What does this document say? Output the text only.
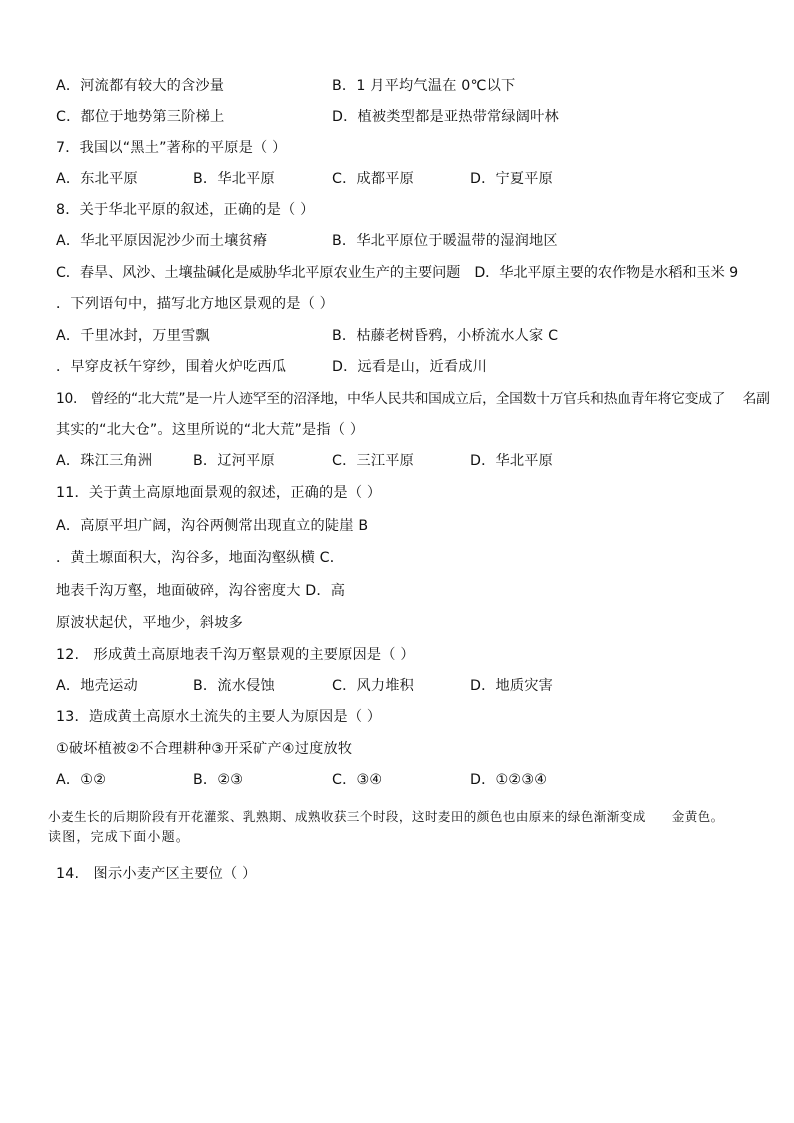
A．河流都有较大的含沙量	B．1 月平均气温在 0℃以下
C．都位于地势第三阶梯上	D．植被类型都是亚热带常绿阔叶林
7．我国以“黑土”著称的平原是（ ）
A．东北平原	B．华北平原	C．成都平原	D．宁夏平原
8．关于华北平原的叙述，正确的是（ ）
A．华北平原因泥沙少而土壤贫瘠	B．华北平原位于暖温带的湿润地区
C．春旱、风沙、土壤盐碱化是威胁华北平原农业生产的主要问题　D．华北平原主要的农作物是水稻和玉米 9
．下列语句中，描写北方地区景观的是（ ）
A．千里冰封，万里雪飘	B．枯藤老树昏鸦，小桥流水人家 C
．早穿皮袄午穿纱，围着火炉吃西瓜	D．远看是山，近看成川
10.　曾经的“北大荒”是一片人迹罕至的沼泽地，中华人民共和国成立后，全国数十万官兵和热血青年将它变成了　 名副
其实的“北大仓”。这里所说的“北大荒”是指（ ）
A．珠江三角洲	B．辽河平原	C．三江平原	D．华北平原
11．关于黄土高原地面景观的叙述，正确的是（ ）
A．高原平坦广阔，沟谷两侧常出现直立的陡崖 B
．黄土塬面积大，沟谷多，地面沟壑纵横 C．
地表千沟万壑，地面破碎，沟谷密度大 D．高
原波状起伏，平地少，斜坡多
12.　形成黄土高原地表千沟万壑景观的主要原因是（ ）
A．地壳运动	B．流水侵蚀	C．风力堆积	D．地质灾害
13．造成黄土高原水土流失的主要人为原因是（ ）
①破坏植被②不合理耕种③开采矿产④过度放牧
A．①②	B．②③	C．③④	D．①②③④
小麦生长的后期阶段有开花灌浆、乳熟期、成熟收获三个时段，这时麦田的颜色也由原来的绿色渐渐变成　　金黄色。
读图，完成下面小题。
14.　图示小麦产区主要位（ ）
